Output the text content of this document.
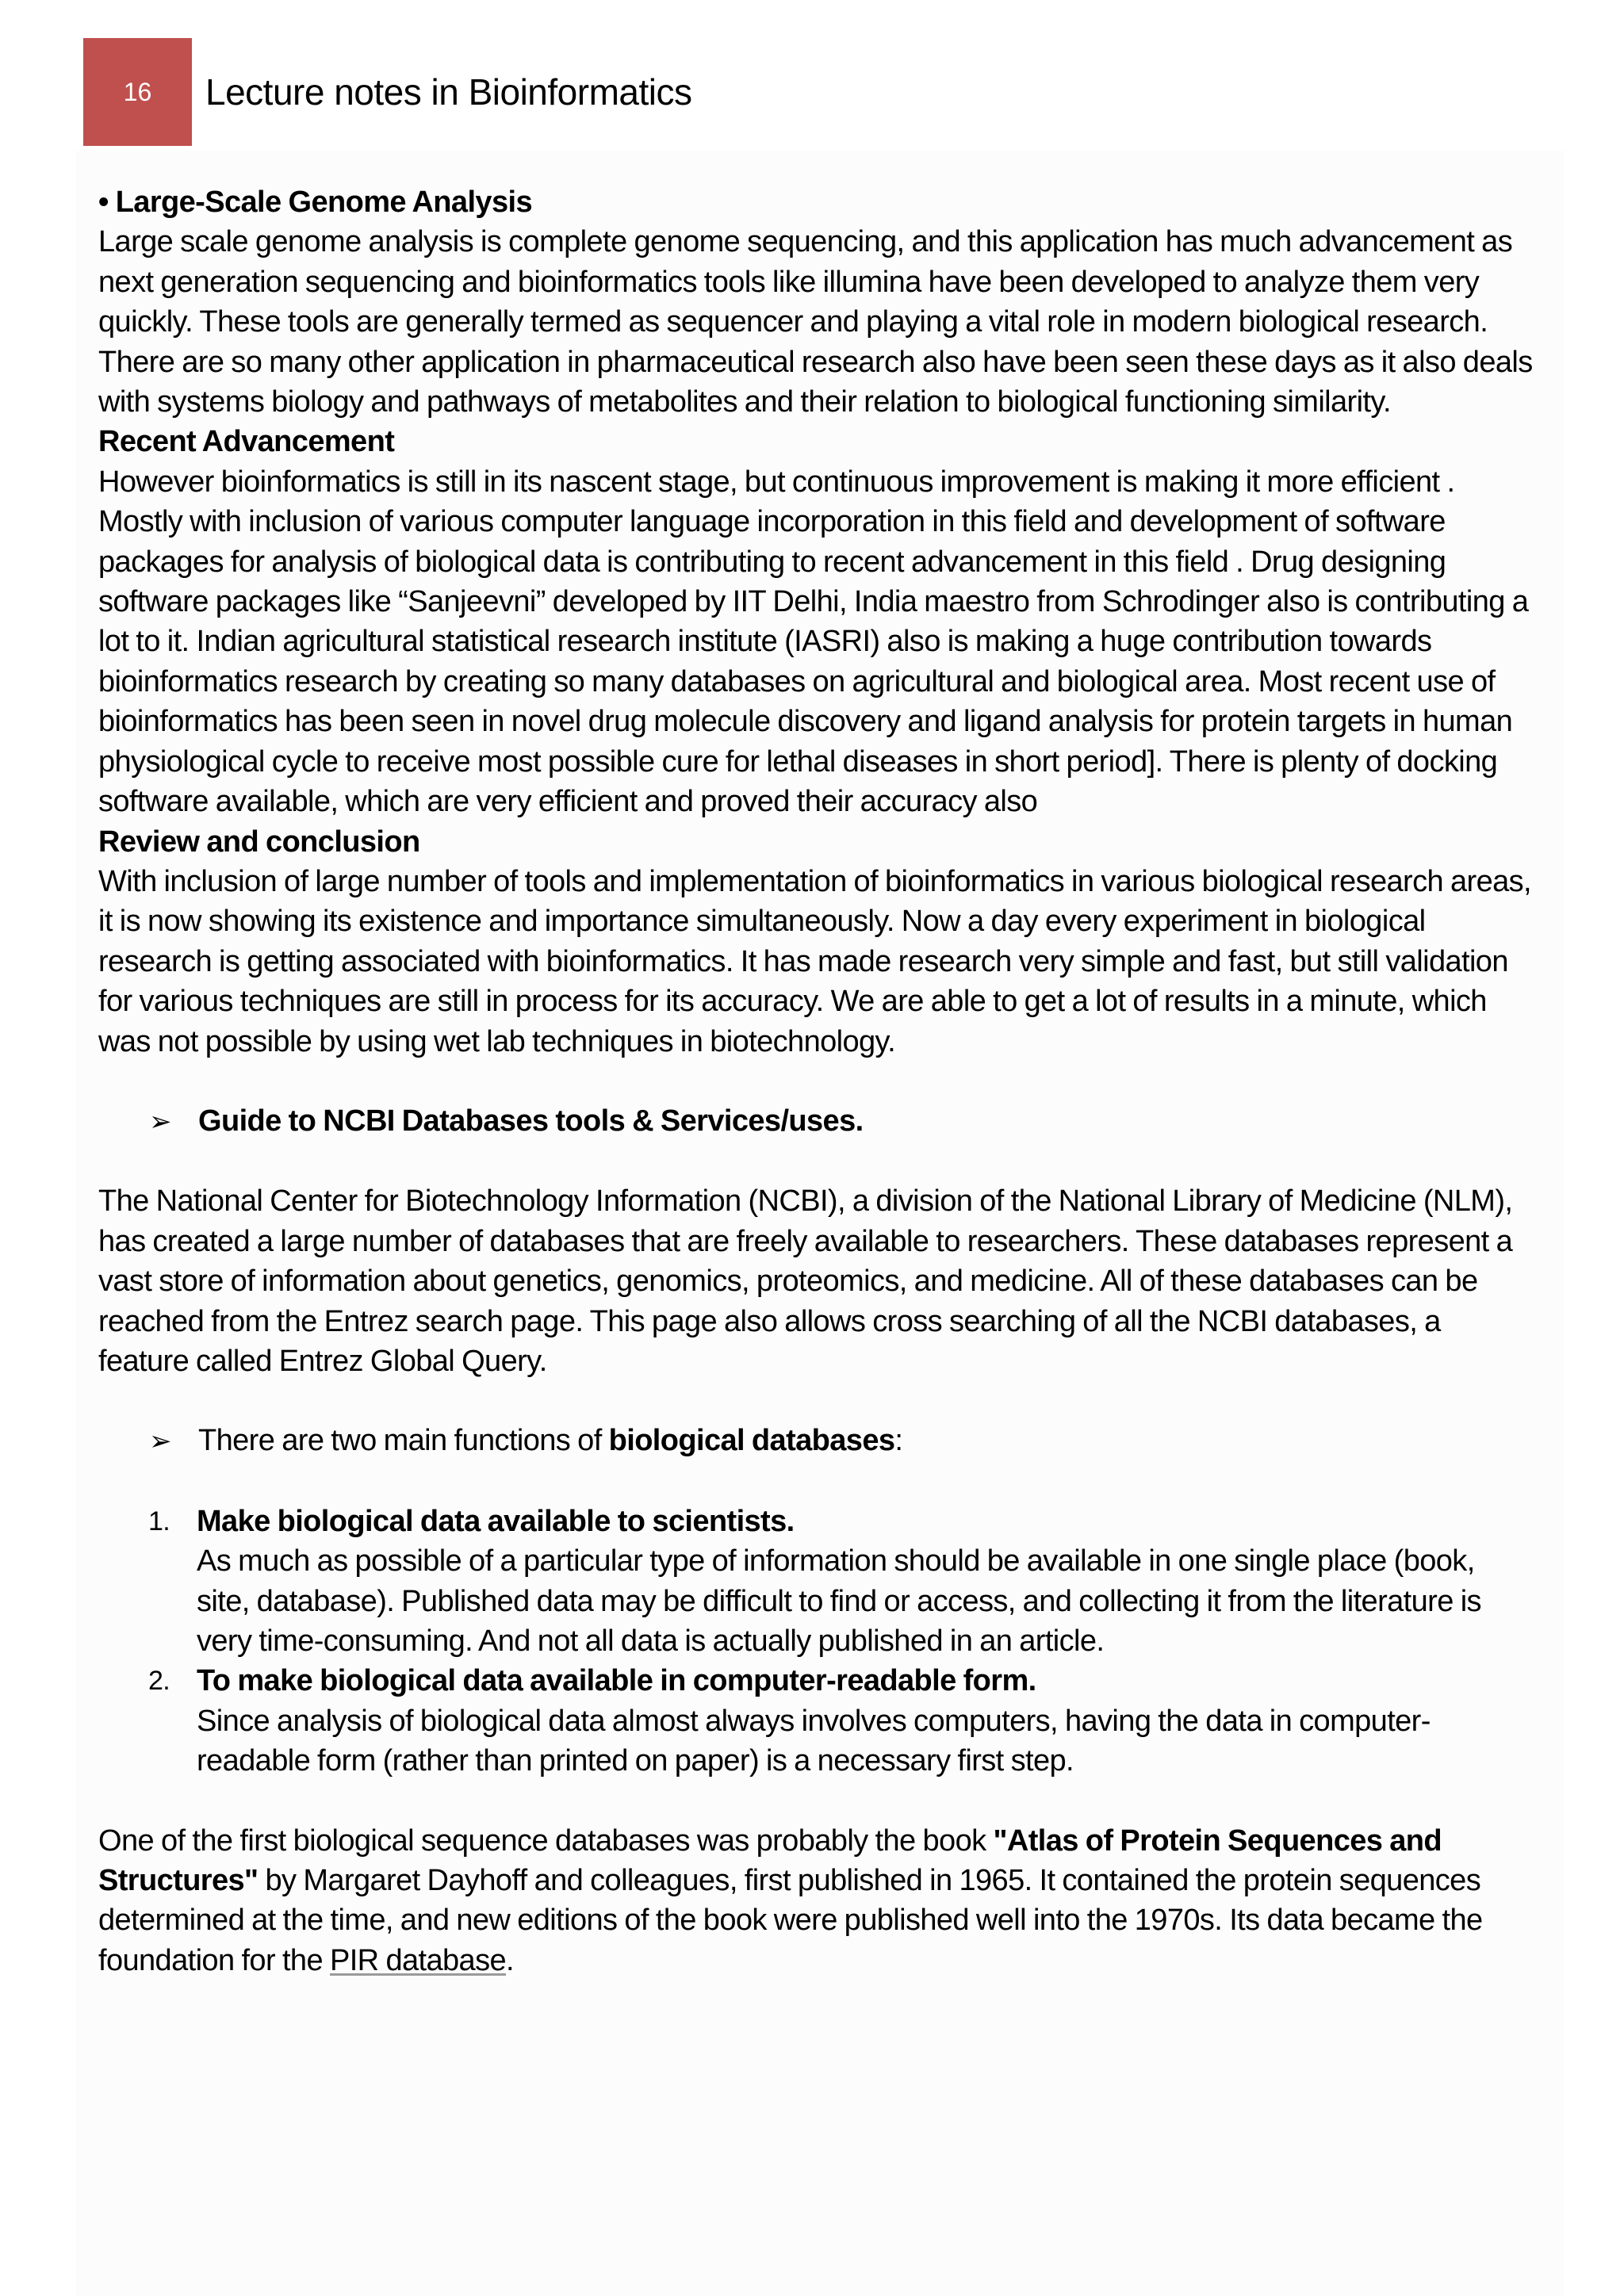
16 Lecture notes in Bioinformatics

• Large-Scale Genome Analysis

Large scale genome analysis is complete genome sequencing, and this application has much advancement as next generation sequencing and bioinformatics tools like illumina have been developed to analyze them very quickly. These tools are generally termed as sequencer and playing a vital role in modern biological research.

There are so many other application in pharmaceutical research also have been seen these days as it also deals with systems biology and pathways of metabolites and their relation to biological functioning similarity.

Recent Advancement

However bioinformatics is still in its nascent stage, but continuous improvement is making it more efficient . Mostly with inclusion of various computer language incorporation in this field and development of software packages for analysis of biological data is contributing to recent advancement in this field . Drug designing software packages like “Sanjeevni” developed by IIT Delhi, India maestro from Schrodinger also is contributing a lot to it. Indian agricultural statistical research institute (IASRI) also is making a huge contribution towards bioinformatics research by creating so many databases on agricultural and biological area. Most recent use of bioinformatics has been seen in novel drug molecule discovery and ligand analysis for protein targets in human physiological cycle to receive most possible cure for lethal diseases in short period]. There is plenty of docking software available, which are very efficient and proved their accuracy also

Review and conclusion

With inclusion of large number of tools and implementation of bioinformatics in various biological research areas, it is now showing its existence and importance simultaneously. Now a day every experiment in biological research is getting associated with bioinformatics. It has made research very simple and fast, but still validation for various techniques are still in process for its accuracy. We are able to get a lot of results in a minute, which was not possible by using wet lab techniques in biotechnology.

➢ Guide to NCBI Databases tools & Services/uses.

The National Center for Biotechnology Information (NCBI), a division of the National Library of Medicine (NLM), has created a large number of databases that are freely available to researchers. These databases represent a vast store of information about genetics, genomics, proteomics, and medicine. All of these databases can be reached from the Entrez search page. This page also allows cross searching of all the NCBI databases, a feature called Entrez Global Query.

➢ There are two main functions of biological databases:
1. Make biological data available to scientists.

As much as possible of a particular type of information should be available in one single place (book, site, database). Published data may be difficult to find or access, and collecting it from the literature is very time-consuming. And not all data is actually published in an article.

2. To make biological data available in computer-readable form.

Since analysis of biological data almost always involves computers, having the data in computer-readable form (rather than printed on paper) is a necessary first step.

One of the first biological sequence databases was probably the book "Atlas of Protein Sequences and Structures" by Margaret Dayhoff and colleagues, first published in 1965. It contained the protein sequences determined at the time, and new editions of the book were published well into the 1970s. Its data became the foundation for the PIR database.
